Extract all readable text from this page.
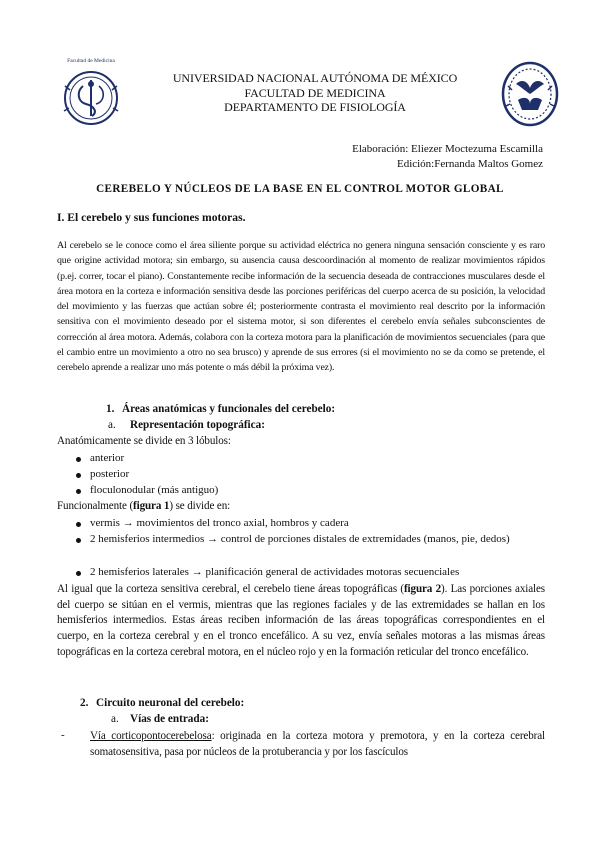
Facultad de Medicina
UNIVERSIDAD NACIONAL AUTÓNOMA DE MÉXICO
FACULTAD DE MEDICINA
DEPARTAMENTO DE FISIOLOGÍA
Elaboración: Eliezer Moctezuma Escamilla
Edición:Fernanda Maltos Gomez
CEREBELO Y NÚCLEOS DE LA BASE EN EL CONTROL MOTOR GLOBAL
I. El cerebelo y sus funciones motoras.
Al cerebelo se le conoce como el área siliente porque su actividad eléctrica no genera ninguna sensación consciente y es raro que origine actividad motora; sin embargo, su ausencia causa descoordinación al momento de realizar movimientos rápidos (p.ej. correr, tocar el piano). Constantemente recibe información de la secuencia deseada de contracciones musculares desde el área motora en la corteza e información sensitiva desde las porciones periféricas del cuerpo acerca de su posición, la velocidad del movimiento y las fuerzas que actúan sobre él; posteriormente contrasta el movimiento real descrito por la información sensitiva con el movimiento deseado por el sistema motor, si son diferentes el cerebelo envía señales subconscientes de corrección al área motora. Además, colabora con la corteza motora para la planificación de movimientos secuenciales (para que el cambio entre un movimiento a otro no sea brusco) y aprende de sus errores (si el movimiento no se da como se pretende, el cerebelo aprende a realizar uno más potente o más débil la próxima vez).
1. Áreas anatómicas y funcionales del cerebelo:
a. Representación topográfica:
Anatómicamente se divide en 3 lóbulos:
anterior
posterior
floculonodular (más antiguo)
Funcionalmente (figura 1) se divide en:
vermis → movimientos del tronco axial, hombros y cadera
2 hemisferios intermedios → control de porciones distales de extremidades (manos, pie, dedos)
2 hemisferios laterales → planificación general de actividades motoras secuenciales
Al igual que la corteza sensitiva cerebral, el cerebelo tiene áreas topográficas (figura 2). Las porciones axiales del cuerpo se sitúan en el vermis, mientras que las regiones faciales y de las extremidades se hallan en los hemisferios intermedios. Estas áreas reciben información de las áreas topográficas correspondientes en el cuerpo, en la corteza cerebral y en el tronco encefálico. A su vez, envía señales motoras a las mismas áreas topográficas en la corteza cerebral motora, en el núcleo rojo y en la formación reticular del tronco encefálico.
2. Circuito neuronal del cerebelo:
a. Vías de entrada:
- Vía corticopontocerebelosa: originada en la corteza motora y premotora, y en la corteza cerebral somatosensitiva, pasa por núcleos de la protuberancia y por los fascículos
